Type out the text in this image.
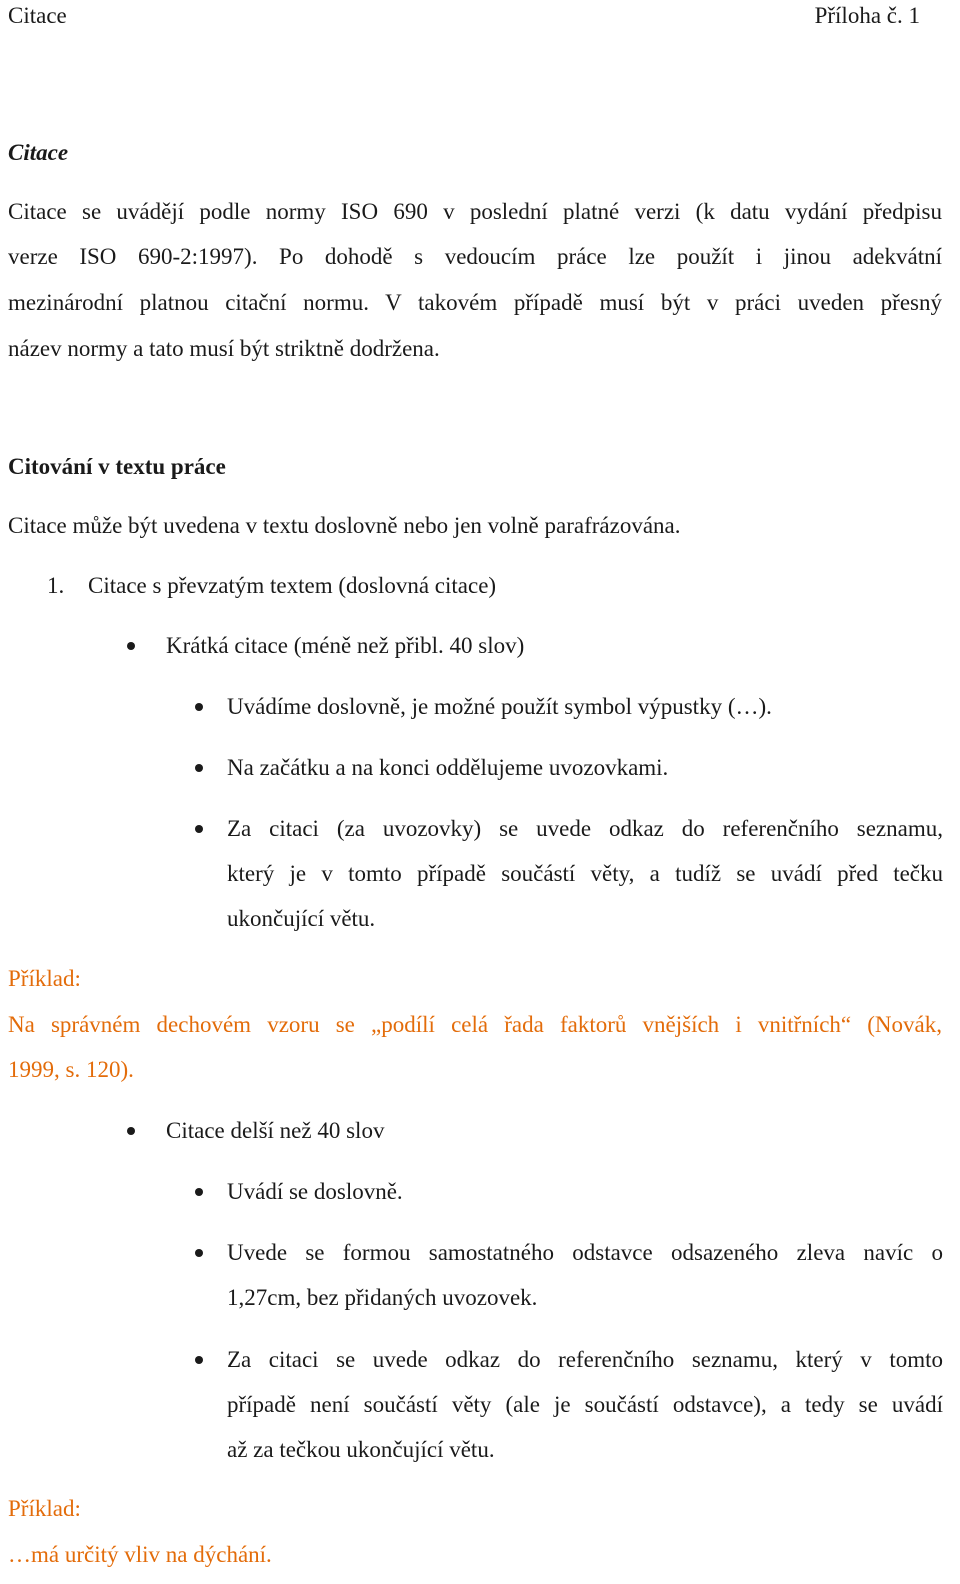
Citace	Příloha č. 1
Citace
Citace se uvádějí podle normy ISO 690 v poslední platné verzi (k datu vydání předpisu
verze ISO 690-2:1997). Po dohodě s vedoucím práce lze použít i jinou adekvátní
mezinárodní platnou citační normu. V takovém případě musí být v práci uveden přesný
název normy a tato musí být striktně dodržena.
Citování v textu práce
Citace může být uvedena v textu doslovně nebo jen volně parafrázována.
1. Citace s převzatým textem (doslovná citace)
Krátká citace (méně než přibl. 40 slov)
Uvádíme doslovně, je možné použít symbol výpustky (…).
Na začátku a na konci oddělujeme uvozovkami.
Za citaci (za uvozovky) se uvede odkaz do referenčního seznamu,
který je v tomto případě součástí věty, a tudíž se uvádí před tečku
ukončující větu.
Příklad:
Na správném dechovém vzoru se „podílí celá řada faktorů vnějších i vnitřních“ (Novák,
1999, s. 120).
Citace delší než 40 slov
Uvádí se doslovně.
Uvede se formou samostatného odstavce odsazeného zleva navíc o
1,27cm, bez přidaných uvozovek.
Za citaci se uvede odkaz do referenčního seznamu, který v tomto
případě není součástí věty (ale je součástí odstavce), a tedy se uvádí
až za tečkou ukončující větu.
Příklad:
…má určitý vliv na dýchání.
